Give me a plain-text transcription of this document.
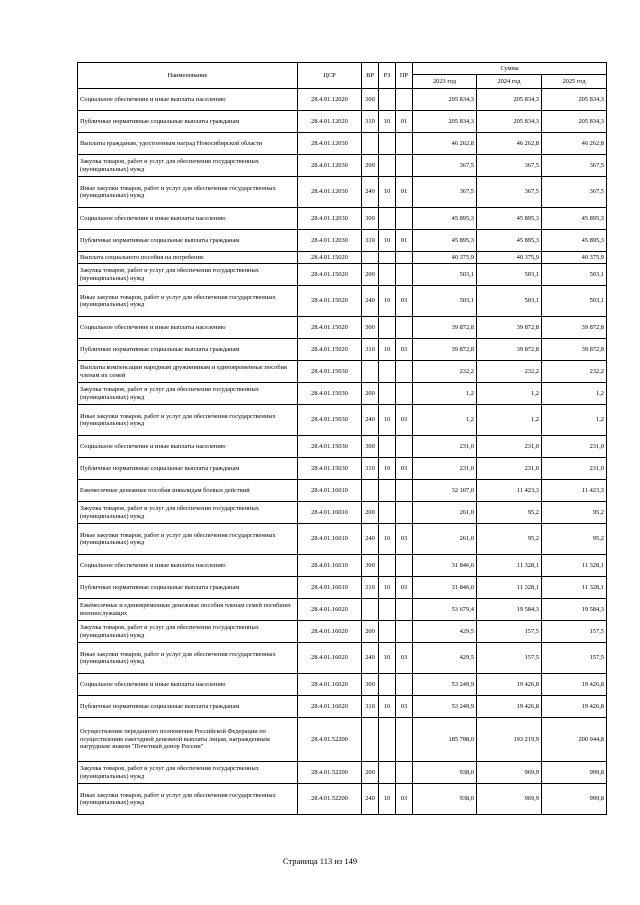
Наименование	ЦСР	ВР	РЗ	ПР	Сумма		
					2023 год	2024 год	2025 год
Социальное обеспечение и иные выплаты населению	28.4.01.12020	300			205 834,3	205 834,3	205 834,3
Публичные нормативные социальные выплаты гражданам	28.4.01.12020	310	10	01	205 834,3	205 834,3	205 834,3
Выплаты гражданам, удостоенным наград Новосибирской области	28.4.01.12030				46 262,8	46 262,8	46 262,8
Закупка товаров, работ и услуг для обеспечения государственных (муниципальных) нужд	28.4.01.12030	200			367,5	367,5	367,5
Иные закупки товаров, работ и услуг для обеспечения государственных (муниципальных) нужд	28.4.01.12030	240	10	01	367,5	367,5	367,5
Социальное обеспечение и иные выплаты населению	28.4.01.12030	300			45 895,3	45 895,3	45 895,3
Публичные нормативные социальные выплаты гражданам	28.4.01.12030	310	10	01	45 895,3	45 895,3	45 895,3
Выплата социального пособия на погребение	28.4.01.15020				40 375,9	40 375,9	40 375,9
Закупка товаров, работ и услуг для обеспечения государственных (муниципальных) нужд	28.4.01.15020	200			503,1	503,1	503,1
Иные закупки товаров, работ и услуг для обеспечения государственных (муниципальных) нужд	28.4.01.15020	240	10	03	503,1	503,1	503,1
Социальное обеспечение и иные выплаты населению	28.4.01.15020	300			39 872,8	39 872,8	39 872,8
Публичные нормативные социальные выплаты гражданам	28.4.01.15020	310	10	03	39 872,8	39 872,8	39 872,8
Выплаты компенсации народным дружинникам и единовременные пособия членам их семей	28.4.01.15030				232,2	232,2	232,2
Закупка товаров, работ и услуг для обеспечения государственных (муниципальных) нужд	28.4.01.15030	200			1,2	1,2	1,2
Иные закупки товаров, работ и услуг для обеспечения государственных (муниципальных) нужд	28.4.01.15030	240	10	03	1,2	1,2	1,2
Социальное обеспечение и иные выплаты населению	28.4.01.15030	300			231,0	231,0	231,0
Публичные нормативные социальные выплаты гражданам	28.4.01.15030	310	10	03	231,0	231,0	231,0
Ежемесячные денежные пособия инвалидам боевых действий	28.4.01.16010				32 107,0	11 423,3	11 423,3
Закупка товаров, работ и услуг для обеспечения государственных (муниципальных) нужд	28.4.01.16010	200			261,0	95,2	95,2
Иные закупки товаров, работ и услуг для обеспечения государственных (муниципальных) нужд	28.4.01.16010	240	10	03	261,0	95,2	95,2
Социальное обеспечение и иные выплаты населению	28.4.01.16010	300			31 846,0	11 328,1	11 328,1
Публичные нормативные социальные выплаты гражданам	28.4.01.16010	310	10	03	31 846,0	11 328,1	11 328,1
Ежемесячные и единовременные денежные пособия членам семей погибших военнослужащих	28.4.01.16020				53 679,4	19 584,3	19 584,3
Закупка товаров, работ и услуг для обеспечения государственных (муниципальных) нужд	28.4.01.16020	200			429,5	157,5	157,5
Иные закупки товаров, работ и услуг для обеспечения государственных (муниципальных) нужд	28.4.01.16020	240	10	03	429,5	157,5	157,5
Социальное обеспечение и иные выплаты населению	28.4.01.16020	300			53 249,9	19 426,8	19 426,8
Публичные нормативные социальные выплаты гражданам	28.4.01.16020	310	10	03	53 249,9	19 426,8	19 426,8
Осуществление переданного полномочия Российской Федерации по осуществлению ежегодной денежной выплаты лицам, награжденным нагрудным знаком "Почетный донор России"	28.4.01.52200				185 788,0	193 219,9	200 944,8
Закупка товаров, работ и услуг для обеспечения государственных (муниципальных) нужд	28.4.01.52200	200			938,0	969,9	999,8
Иные закупки товаров, работ и услуг для обеспечения государственных (муниципальных) нужд	28.4.01.52200	240	10	03	938,0	969,9	999,8
Страница 113 из 149
